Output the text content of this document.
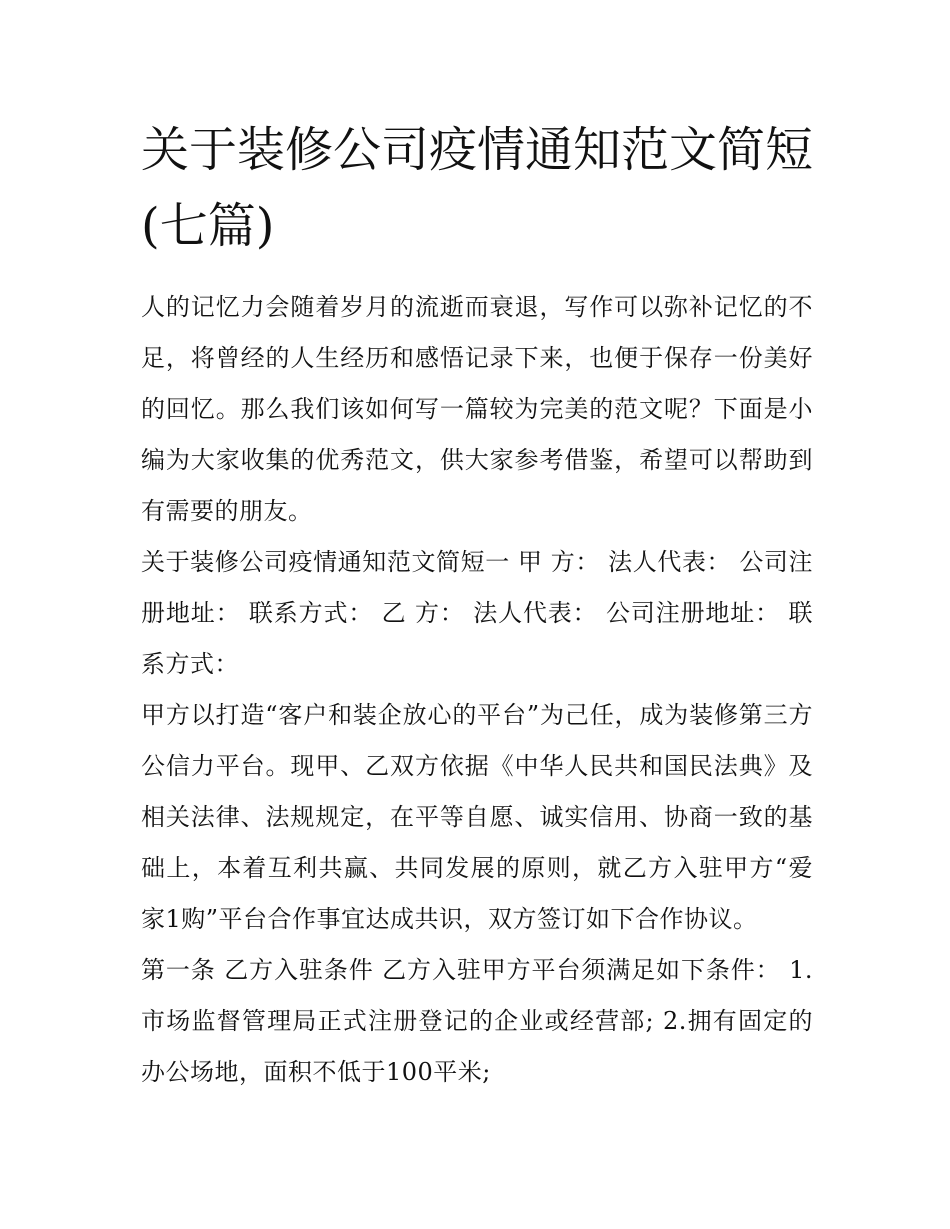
关于装修公司疫情通知范文简短(七篇)

人的记忆力会随着岁月的流逝而衰退，写作可以弥补记忆的不足，将曾经的人生经历和感悟记录下来，也便于保存一份美好的回忆。那么我们该如何写一篇较为完美的范文呢？下面是小编为大家收集的优秀范文，供大家参考借鉴，希望可以帮助到有需要的朋友。

关于装修公司疫情通知范文简短一 甲 方： 法人代表： 公司注册地址： 联系方式： 乙 方： 法人代表： 公司注册地址： 联系方式：

甲方以打造“客户和装企放心的平台”为己任，成为装修第三方公信力平台。现甲、乙双方依据《中华人民共和国民法典》及相关法律、法规规定，在平等自愿、诚实信用、协商一致的基础上，本着互利共赢、共同发展的原则，就乙方入驻甲方“爱家1购”平台合作事宜达成共识，双方签订如下合作协议。

第一条 乙方入驻条件 乙方入驻甲方平台须满足如下条件： 1.市场监督管理局正式注册登记的企业或经营部; 2.拥有固定的办公场地，面积不低于100平米;
